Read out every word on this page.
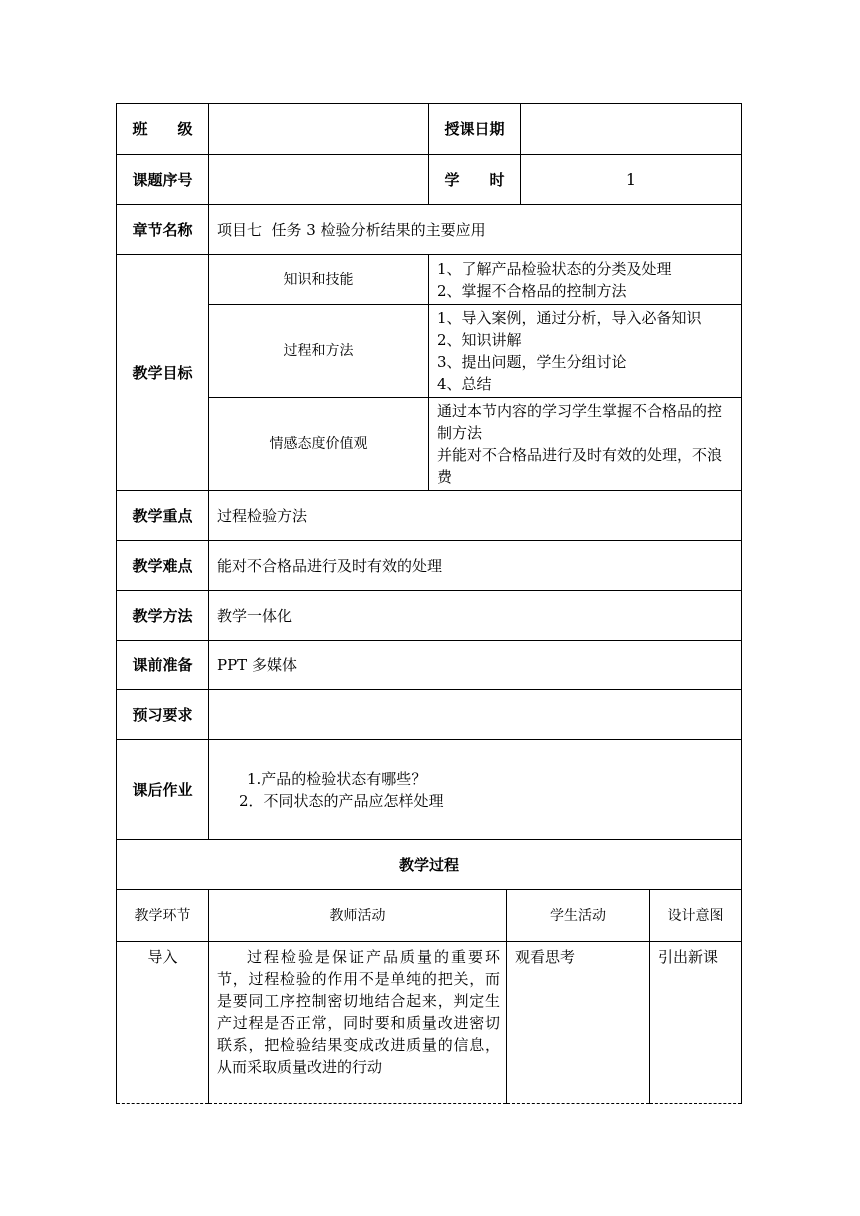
班　　级		授课日期	
课题序号		学　　时	1
章节名称	项目七  任务 3 检验分析结果的主要应用		
教学目标	知识和技能	1、了解产品检验状态的分类及处理
2、掌握不合格品的控制方法	

	过程和方法	1、导入案例，通过分析，导入必备知识
2、知识讲解
3、提出问题，学生分组讨论
4、总结	

	情感态度价值观	通过本节内容的学习学生掌握不合格品的控制方法
并能对不合格品进行及时有效的处理，不浪费	

教学重点	过程检验方法		
教学难点	能对不合格品进行及时有效的处理		
教学方法	教学一体化		
课前准备	PPT 多媒体		
预习要求			
课后作业	1.产品的检验状态有哪些？
2．不同状态的产品应怎样处理		

教学过程			
教学环节	教师活动	学生活动	设计意图
导入	过程检验是保证产品质量的重要环节，过程检验的作用不是单纯的把关，而是要同工序控制密切地结合起来，判定生产过程是否正常，同时要和质量改进密切联系，把检验结果变成改进质量的信息，从而采取质量改进的行动	观看思考	引出新课
